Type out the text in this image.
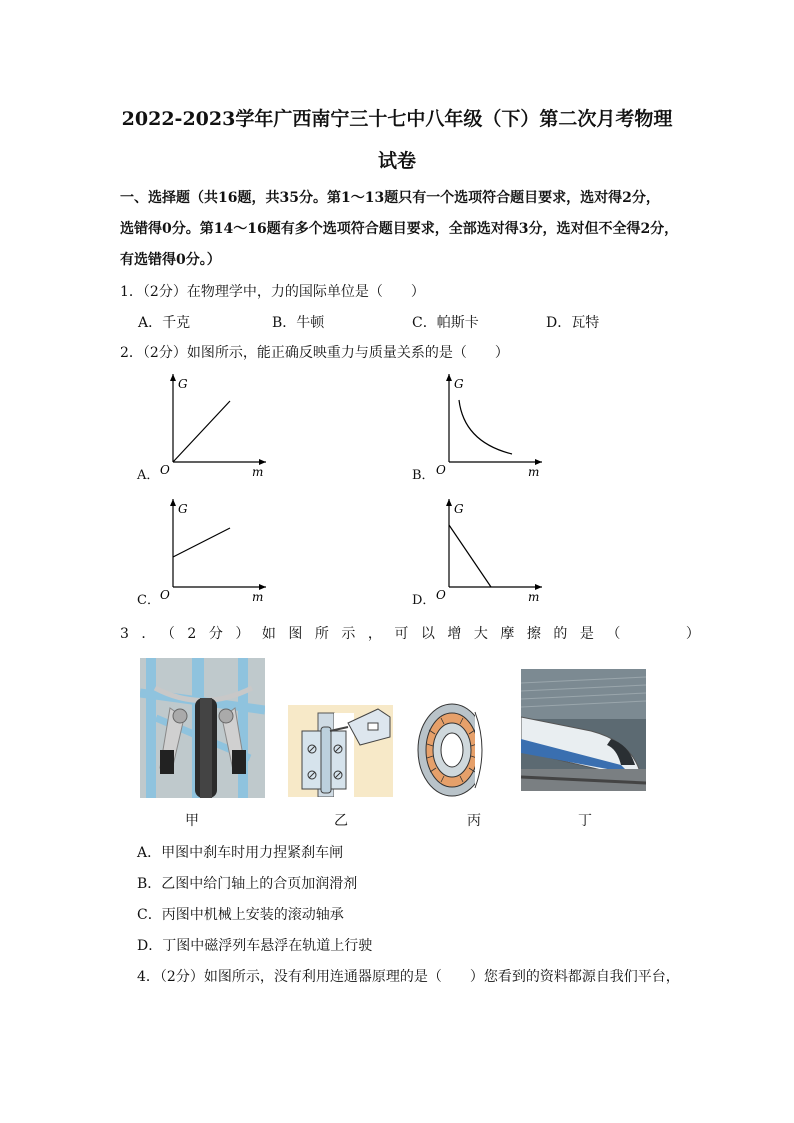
2022-2023学年广西南宁三十七中八年级（下）第二次月考物理
试卷
一、选择题（共16题，共35分。第1～13题只有一个选项符合题目要求，选对得2分，
选错得0分。第14～16题有多个选项符合题目要求，全部选对得3分，选对但不全得2分，
有选错得0分。）
1．（2分）在物理学中，力的国际单位是（　　）
A．千克	B．牛顿	C．帕斯卡	D．瓦特
2．（2分）如图所示，能正确反映重力与质量关系的是（　　）
A．
G
O	m	B．
G
O	m
C．
G
O	m	D．
G
O	m
3．（2分）如图所示，可以增大摩擦的是（　　）
甲	乙	丙	丁
A．甲图中刹车时用力捏紧刹车闸
B．乙图中给门轴上的合页加润滑剂
C．丙图中机械上安装的滚动轴承
D．丁图中磁浮列车悬浮在轨道上行驶
4．（2分）如图所示，没有利用连通器原理的是（　　）您看到的资料都源自我们平台，
